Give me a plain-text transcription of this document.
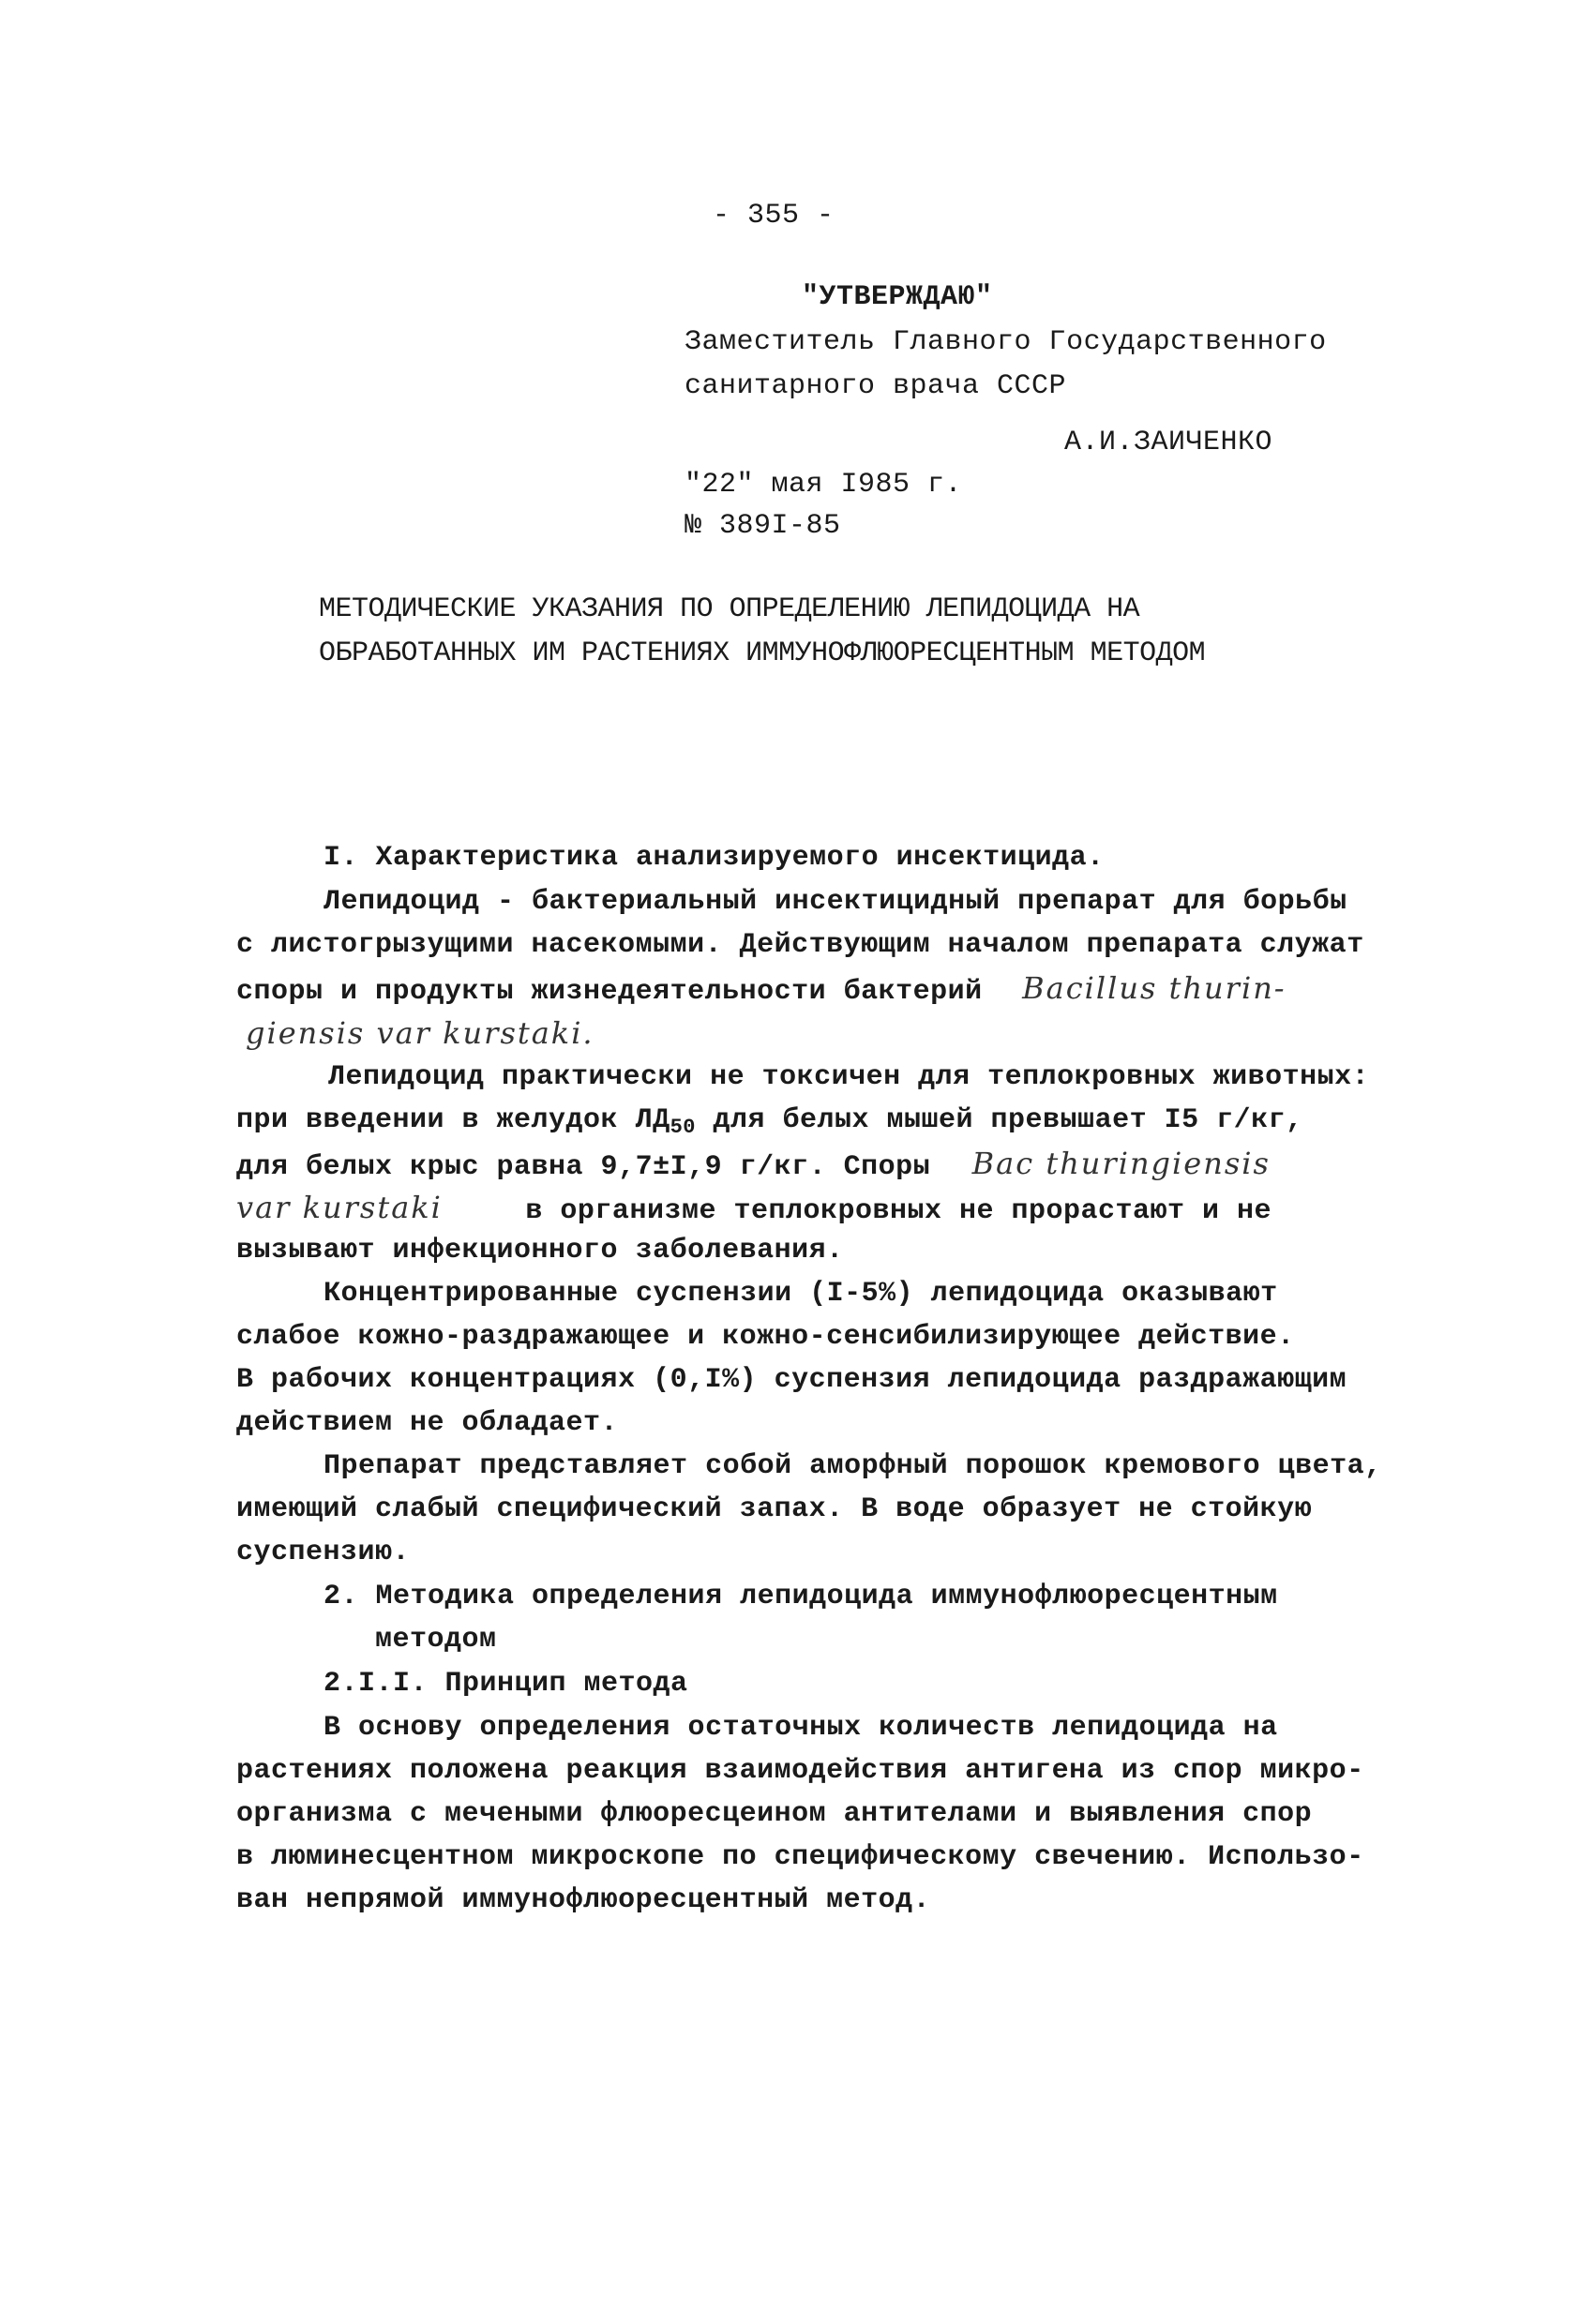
- 355 -
"УТВЕРЖДАЮ"
Заместитель Главного Государственного
санитарного врача СССР
А.И.ЗАИЧЕНКО
"22" мая I985 г.
№ 389I-85
МЕТОДИЧЕСКИЕ УКАЗАНИЯ ПО ОПРЕДЕЛЕНИЮ ЛЕПИДОЦИДА НА
ОБРАБОТАННЫХ ИМ РАСТЕНИЯХ ИММУНОФЛЮОРЕСЦЕНТНЫМ МЕТОДОМ
I. Характеристика анализируемого инсектицида.
Лепидоцид - бактериальный инсектицидный препарат для борьбы
с листогрызущими насекомыми. Действующим началом препарата служат
споры и продукты жизнедеятельности бактерий Bacillus thurin-
giensis var kurstaki.
Лепидоцид практически не токсичен для теплокровных животных:
при введении в желудок $ЛД_{50}$ для белых мышей превышает I5 г/кг,
для белых крыс равна 9,7±I,9 г/кг. Споры Bac thuringiensis
var kurstaki	в организме теплокровных не прорастают и не
вызывают инфекционного заболевания.
Концентрированные суспензии (I-5%) лепидоцида оказывают
слабое кожно-раздражающее и кожно-сенсибилизирующее действие.
В рабочих концентрациях (0,I%) суспензия лепидоцида раздражающим
действием не обладает.
Препарат представляет собой аморфный порошок кремового цвета,
имеющий слабый специфический запах. В воде образует не стойкую
суспензию.
2. Методика определения лепидоцида иммунофлюоресцентным
методом
2.I.I. Принцип метода
В основу определения остаточных количеств лепидоцида на
растениях положена реакция взаимодействия антигена из спор микро-
организма с мечеными флюоресцеином антителами и выявления спор
в люминесцентном микроскопе по специфическому свечению. Использо-
ван непрямой иммунофлюоресцентный метод.
